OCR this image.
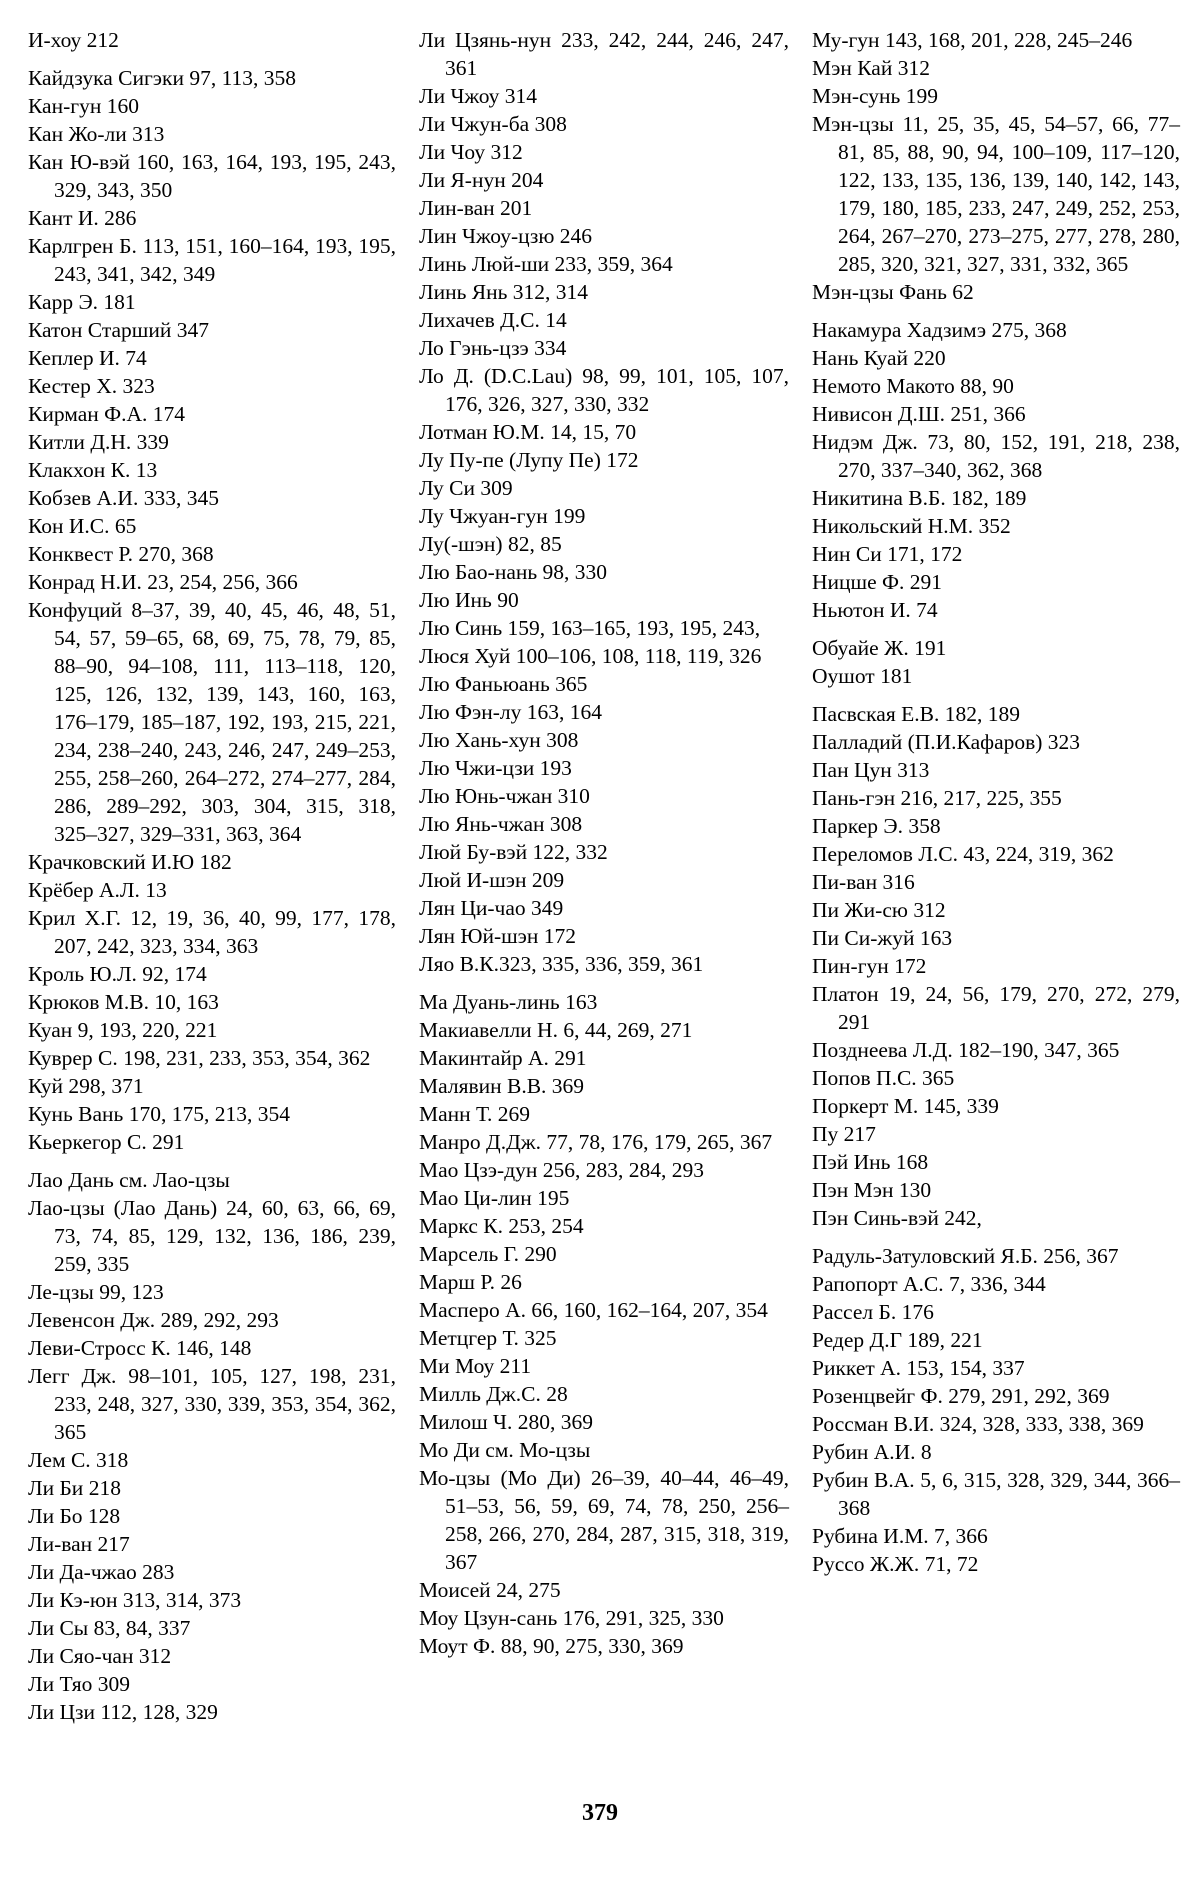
И-хоу 212

Кайдзука Сигэки 97, 113, 358

Кан-гун 160

Кан Жо-ли 313

Кан Ю-вэй 160, 163, 164, 193, 195, 243, 329, 343, 350

Кант И. 286

Карлгрен Б. 113, 151, 160–164, 193, 195, 243, 341, 342, 349

Карр Э. 181

Катон Старший 347

Кеплер И. 74

Кестер Х. 323

Кирман Ф.А. 174

Китли Д.Н. 339

Клакхон К. 13

Кобзев А.И. 333, 345

Кон И.С. 65

Конквест Р. 270, 368

Конрад Н.И. 23, 254, 256, 366

Конфуций 8–37, 39, 40, 45, 46, 48, 51, 54, 57, 59–65, 68, 69, 75, 78, 79, 85, 88–90, 94–108, 111, 113–118, 120, 125, 126, 132, 139, 143, 160, 163, 176–179, 185–187, 192, 193, 215, 221, 234, 238–240, 243, 246, 247, 249–253, 255, 258–260, 264–272, 274–277, 284, 286, 289–292, 303, 304, 315, 318, 325–327, 329–331, 363, 364

Крачковский И.Ю 182

Крёбер А.Л. 13

Крил Х.Г. 12, 19, 36, 40, 99, 177, 178, 207, 242, 323, 334, 363

Кроль Ю.Л. 92, 174

Крюков М.В. 10, 163

Куан 9, 193, 220, 221

Куврер С. 198, 231, 233, 353, 354, 362

Куй 298, 371

Кунь Вань 170, 175, 213, 354

Кьеркегор С. 291

Лао Дань см. Лао-цзы

Лао-цзы (Лао Дань) 24, 60, 63, 66, 69, 73, 74, 85, 129, 132, 136, 186, 239, 259, 335

Ле-цзы 99, 123

Левенсон Дж. 289, 292, 293

Леви-Стросс К. 146, 148

Легг Дж. 98–101, 105, 127, 198, 231, 233, 248, 327, 330, 339, 353, 354, 362, 365

Лем С. 318

Ли Би 218

Ли Бо 128

Ли-ван 217

Ли Да-чжао 283

Ли Кэ-юн 313, 314, 373

Ли Сы 83, 84, 337

Ли Сяо-чан 312

Ли Тяо 309

Ли Цзи 112, 128, 329

Ли Цзянь-нун 233, 242, 244, 246, 247, 361

Ли Чжоу 314

Ли Чжун-ба 308

Ли Чоу 312

Ли Я-нун 204

Лин-ван 201

Лин Чжоу-цзю 246

Линь Люй-ши 233, 359, 364

Линь Янь 312, 314

Лихачев Д.С. 14

Ло Гэнь-цзэ 334

Ло Д. (D.C.Lau) 98, 99, 101, 105, 107, 176, 326, 327, 330, 332

Лотман Ю.М. 14, 15, 70

Лу Пу-пе (Лупу Пе) 172

Лу Си 309

Лу Чжуан-гун 199

Лу(-шэн) 82, 85

Лю Бао-нань 98, 330

Лю Инь 90

Лю Синь 159, 163–165, 193, 195, 243,

Люся Хуй 100–106, 108, 118, 119, 326

Лю Фаньюань 365

Лю Фэн-лу 163, 164

Лю Хань-хун 308

Лю Чжи-цзи 193

Лю Юнь-чжан 310

Лю Янь-чжан 308

Люй Бу-вэй 122, 332

Люй И-шэн 209

Лян Ци-чао 349

Лян Юй-шэн 172

Ляо В.К.323, 335, 336, 359, 361

Ма Дуань-линь 163

Макиавелли Н. 6, 44, 269, 271

Макинтайр А. 291

Малявин В.В. 369

Манн Т. 269

Манро Д.Дж. 77, 78, 176, 179, 265, 367

Мао Цзэ-дун 256, 283, 284, 293

Мао Ци-лин 195

Маркс К. 253, 254

Марсель Г. 290

Марш Р. 26

Масперо А. 66, 160, 162–164, 207, 354

Метцгер Т. 325

Ми Моу 211

Милль Дж.С. 28

Милош Ч. 280, 369

Мо Ди см. Мо-цзы

Мо-цзы (Мо Ди) 26–39, 40–44, 46–49, 51–53, 56, 59, 69, 74, 78, 250, 256–258, 266, 270, 284, 287, 315, 318, 319, 367

Моисей 24, 275

Моу Цзун-сань 176, 291, 325, 330

Моут Ф. 88, 90, 275, 330, 369

Му-гун 143, 168, 201, 228, 245–246

Мэн Кай 312

Мэн-сунь 199

Мэн-цзы 11, 25, 35, 45, 54–57, 66, 77–81, 85, 88, 90, 94, 100–109, 117–120, 122, 133, 135, 136, 139, 140, 142, 143, 179, 180, 185, 233, 247, 249, 252, 253, 264, 267–270, 273–275, 277, 278, 280, 285, 320, 321, 327, 331, 332, 365

Мэн-цзы Фань 62

Накамура Хадзимэ 275, 368

Нань Куай 220

Немото Макото 88, 90

Нивисон Д.Ш. 251, 366

Нидэм Дж. 73, 80, 152, 191, 218, 238, 270, 337–340, 362, 368

Никитина В.Б. 182, 189

Никольский Н.М. 352

Нин Си 171, 172

Ницше Ф. 291

Ньютон И. 74

Обуайе Ж. 191

Оушот 181

Пасвская Е.В. 182, 189

Палладий (П.И.Кафаров) 323

Пан Цун 313

Пань-гэн 216, 217, 225, 355

Паркер Э. 358

Переломов Л.С. 43, 224, 319, 362

Пи-ван 316

Пи Жи-сю 312

Пи Си-жуй 163

Пин-гун 172

Платон 19, 24, 56, 179, 270, 272, 279, 291

Позднеева Л.Д. 182–190, 347, 365

Попов П.С. 365

Поркерт М. 145, 339

Пу 217

Пэй Инь 168

Пэн Мэн 130

Пэн Синь-вэй 242,

Радуль-Затуловский Я.Б. 256, 367

Рапопорт А.С. 7, 336, 344

Рассел Б. 176

Редер Д.Г 189, 221

Риккет А. 153, 154, 337

Розенцвейг Ф. 279, 291, 292, 369

Россман В.И. 324, 328, 333, 338, 369

Рубин А.И. 8

Рубин В.А. 5, 6, 315, 328, 329, 344, 366–368

Рубина И.М. 7, 366

Руссо Ж.Ж. 71, 72

379
